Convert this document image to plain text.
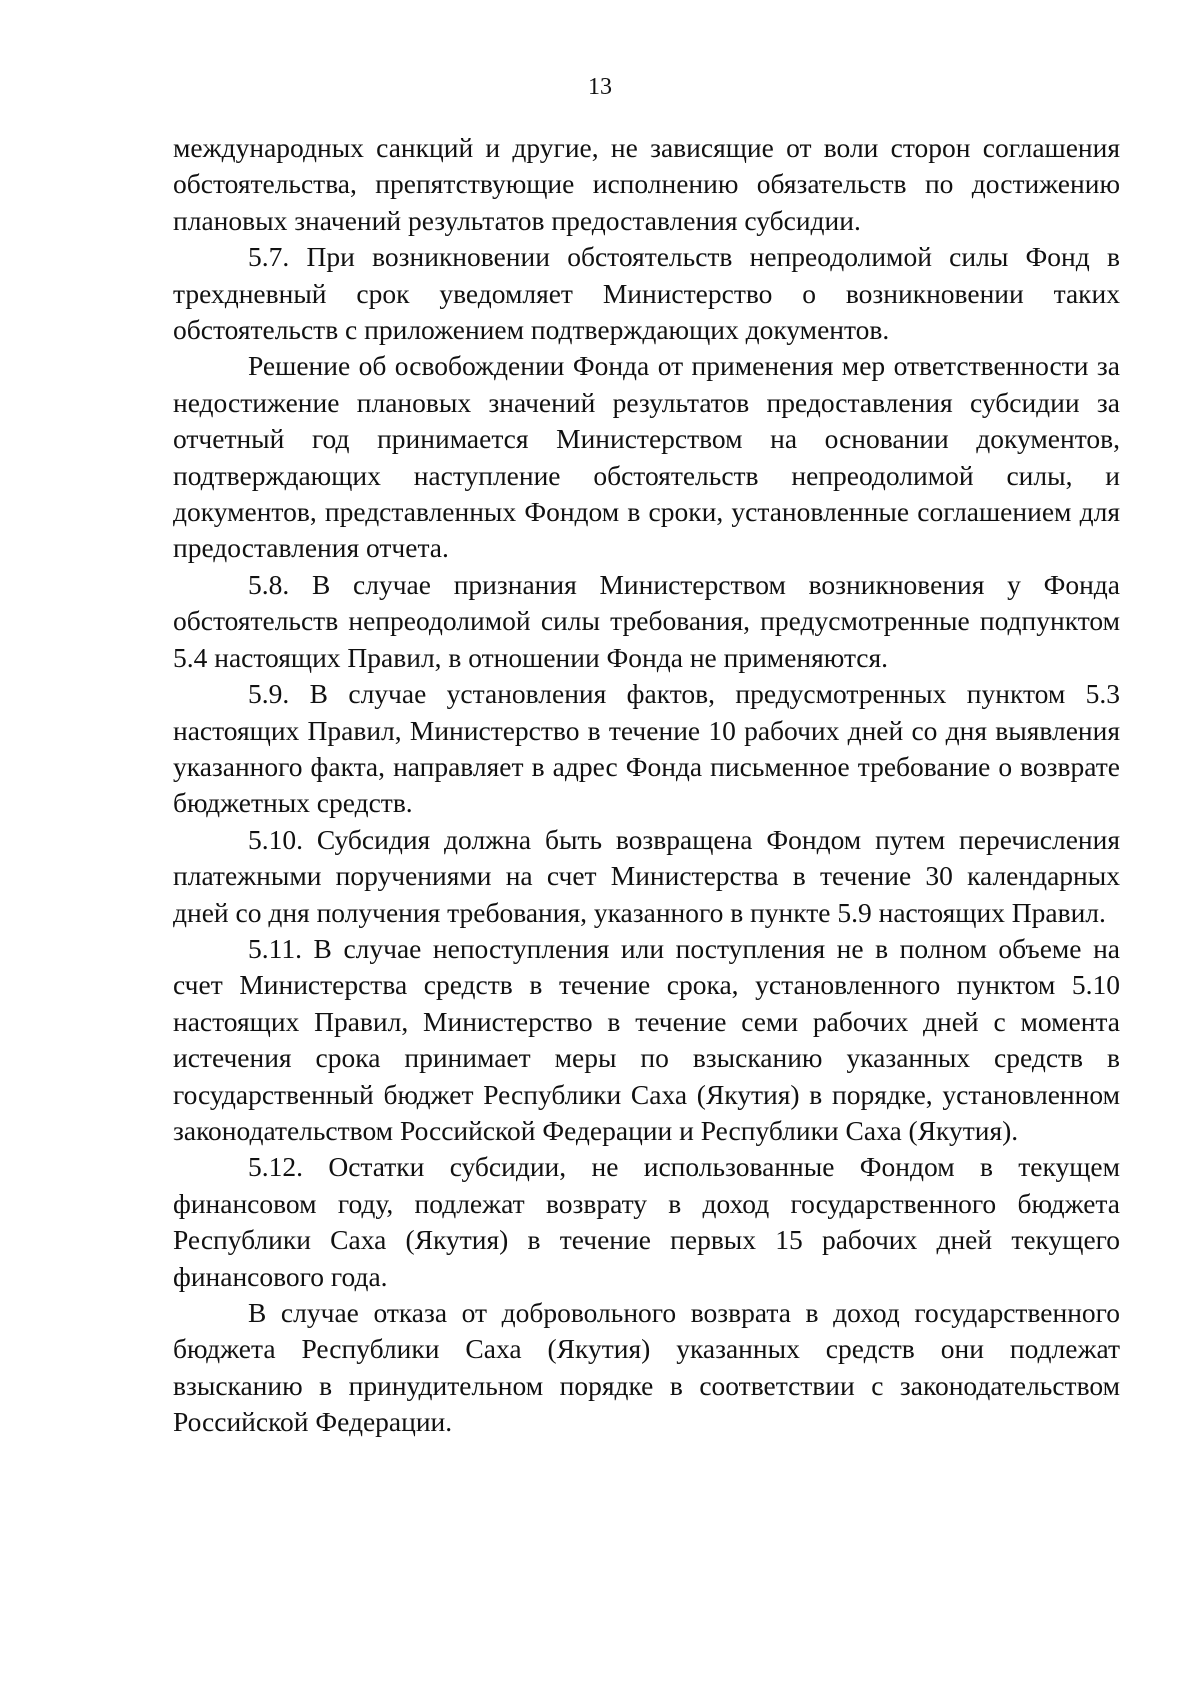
13

международных санкций и другие, не зависящие от воли сторон соглашения обстоятельства, препятствующие исполнению обязательств по достижению плановых значений результатов предоставления субсидии.

5.7. При возникновении обстоятельств непреодолимой силы Фонд в трехдневный срок уведомляет Министерство о возникновении таких обстоятельств с приложением подтверждающих документов.

Решение об освобождении Фонда от применения мер ответственности за недостижение плановых значений результатов предоставления субсидии за отчетный год принимается Министерством на основании документов, подтверждающих наступление обстоятельств непреодолимой силы, и документов, представленных Фондом в сроки, установленные соглашением для предоставления отчета.

5.8. В случае признания Министерством возникновения у Фонда обстоятельств непреодолимой силы требования, предусмотренные подпунктом 5.4 настоящих Правил, в отношении Фонда не применяются.

5.9. В случае установления фактов, предусмотренных пунктом 5.3 настоящих Правил, Министерство в течение 10 рабочих дней со дня выявления указанного факта, направляет в адрес Фонда письменное требование о возврате бюджетных средств.

5.10. Субсидия должна быть возвращена Фондом путем перечисления платежными поручениями на счет Министерства в течение 30 календарных дней со дня получения требования, указанного в пункте 5.9 настоящих Правил.

5.11. В случае непоступления или поступления не в полном объеме на счет Министерства средств в течение срока, установленного пунктом 5.10 настоящих Правил, Министерство в течение семи рабочих дней с момента истечения срока принимает меры по взысканию указанных средств в государственный бюджет Республики Саха (Якутия) в порядке, установленном законодательством Российской Федерации и Республики Саха (Якутия).

5.12. Остатки субсидии, не использованные Фондом в текущем финансовом году, подлежат возврату в доход государственного бюджета Республики Саха (Якутия) в течение первых 15 рабочих дней текущего финансового года.

В случае отказа от добровольного возврата в доход государственного бюджета Республики Саха (Якутия) указанных средств они подлежат взысканию в принудительном порядке в соответствии с законодательством Российской Федерации.
